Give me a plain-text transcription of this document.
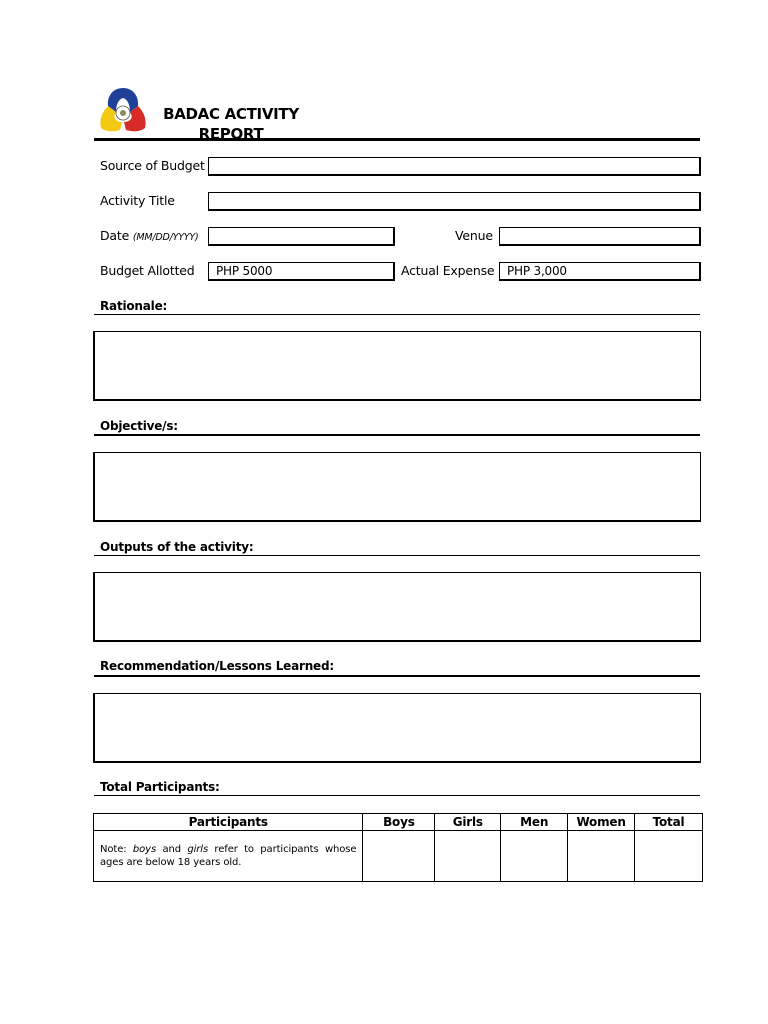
BADAC ACTIVITY REPORT
Source of Budget
Activity Title
Date (MM/DD/YYYY)	Venue
Budget Allotted	PHP 5000	Actual Expense	PHP 3,000
Rationale:
Objective/s:
Outputs of the activity:
Recommendation/Lessons Learned:
Total Participants:
Participants	Boys	Girls	Men	Women	Total
Note: boys and girls refer to participants whose ages are below 18 years old.					
